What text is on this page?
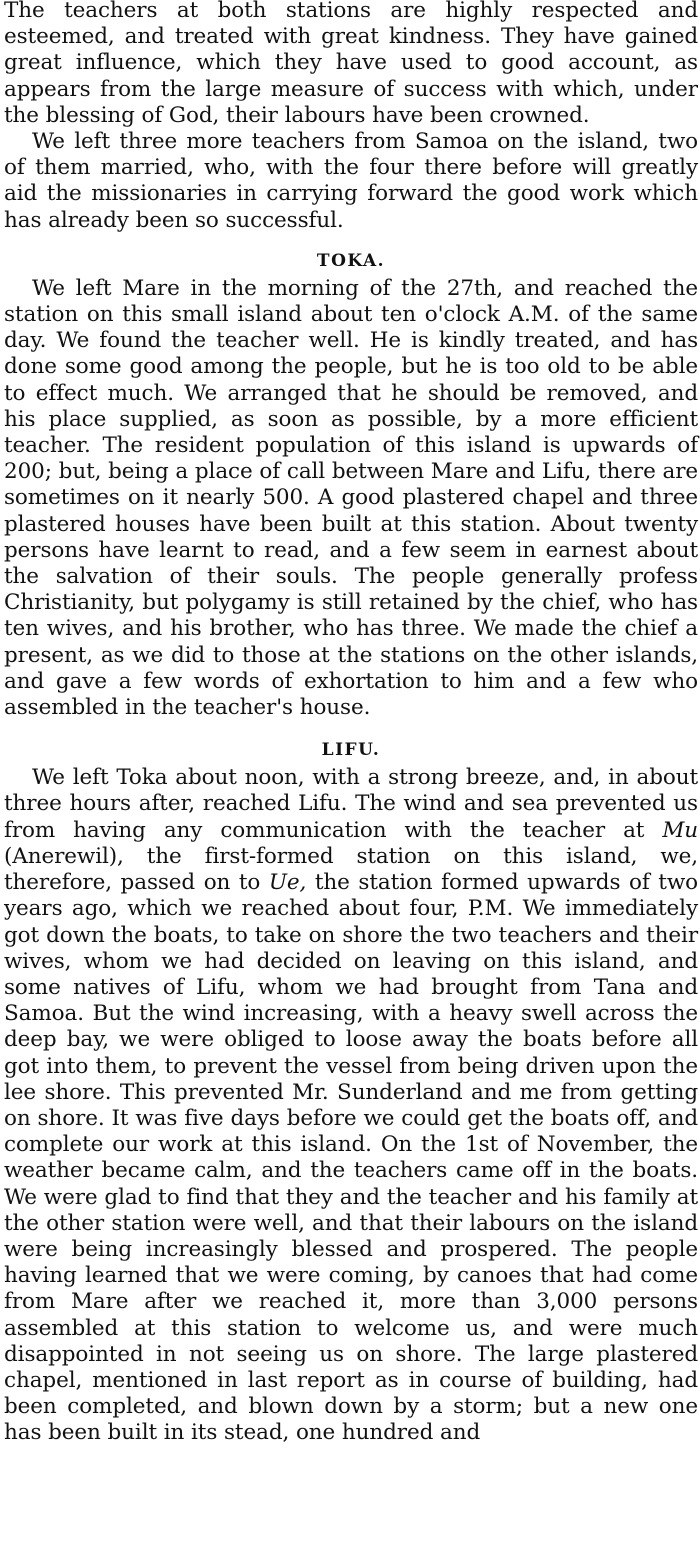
The teachers at both stations are highly respected and esteemed, and treated with great kindness. They have gained great influence, which they have used to good account, as appears from the large measure of success with which, under the blessing of God, their labours have been crowned.

We left three more teachers from Samoa on the island, two of them married, who, with the four there before will greatly aid the missionaries in carrying forward the good work which has already been so successful.

TOKA.

We left Mare in the morning of the 27th, and reached the station on this small island about ten o'clock A.M. of the same day. We found the teacher well. He is kindly treated, and has done some good among the people, but he is too old to be able to effect much. We arranged that he should be removed, and his place supplied, as soon as possible, by a more efficient teacher. The resident population of this island is upwards of 200; but, being a place of call between Mare and Lifu, there are sometimes on it nearly 500. A good plastered chapel and three plastered houses have been built at this station. About twenty persons have learnt to read, and a few seem in earnest about the salvation of their souls. The people generally profess Christianity, but polygamy is still retained by the chief, who has ten wives, and his brother, who has three. We made the chief a present, as we did to those at the stations on the other islands, and gave a few words of exhortation to him and a few who assembled in the teacher's house.

LIFU.

We left Toka about noon, with a strong breeze, and, in about three hours after, reached Lifu. The wind and sea prevented us from having any communication with the teacher at Mu (Anerewil), the first-formed station on this island, we, therefore, passed on to Ue, the station formed upwards of two years ago, which we reached about four, P.M. We immediately got down the boats, to take on shore the two teachers and their wives, whom we had decided on leaving on this island, and some natives of Lifu, whom we had brought from Tana and Samoa. But the wind increasing, with a heavy swell across the deep bay, we were obliged to loose away the boats before all got into them, to prevent the vessel from being driven upon the lee shore. This prevented Mr. Sunderland and me from getting on shore. It was five days before we could get the boats off, and complete our work at this island. On the 1st of November, the weather became calm, and the teachers came off in the boats. We were glad to find that they and the teacher and his family at the other station were well, and that their labours on the island were being increasingly blessed and prospered. The people having learned that we were coming, by canoes that had come from Mare after we reached it, more than 3,000 persons assembled at this station to welcome us, and were much disappointed in not seeing us on shore. The large plastered chapel, mentioned in last report as in course of building, had been completed, and blown down by a storm; but a new one has been built in its stead, one hundred and
